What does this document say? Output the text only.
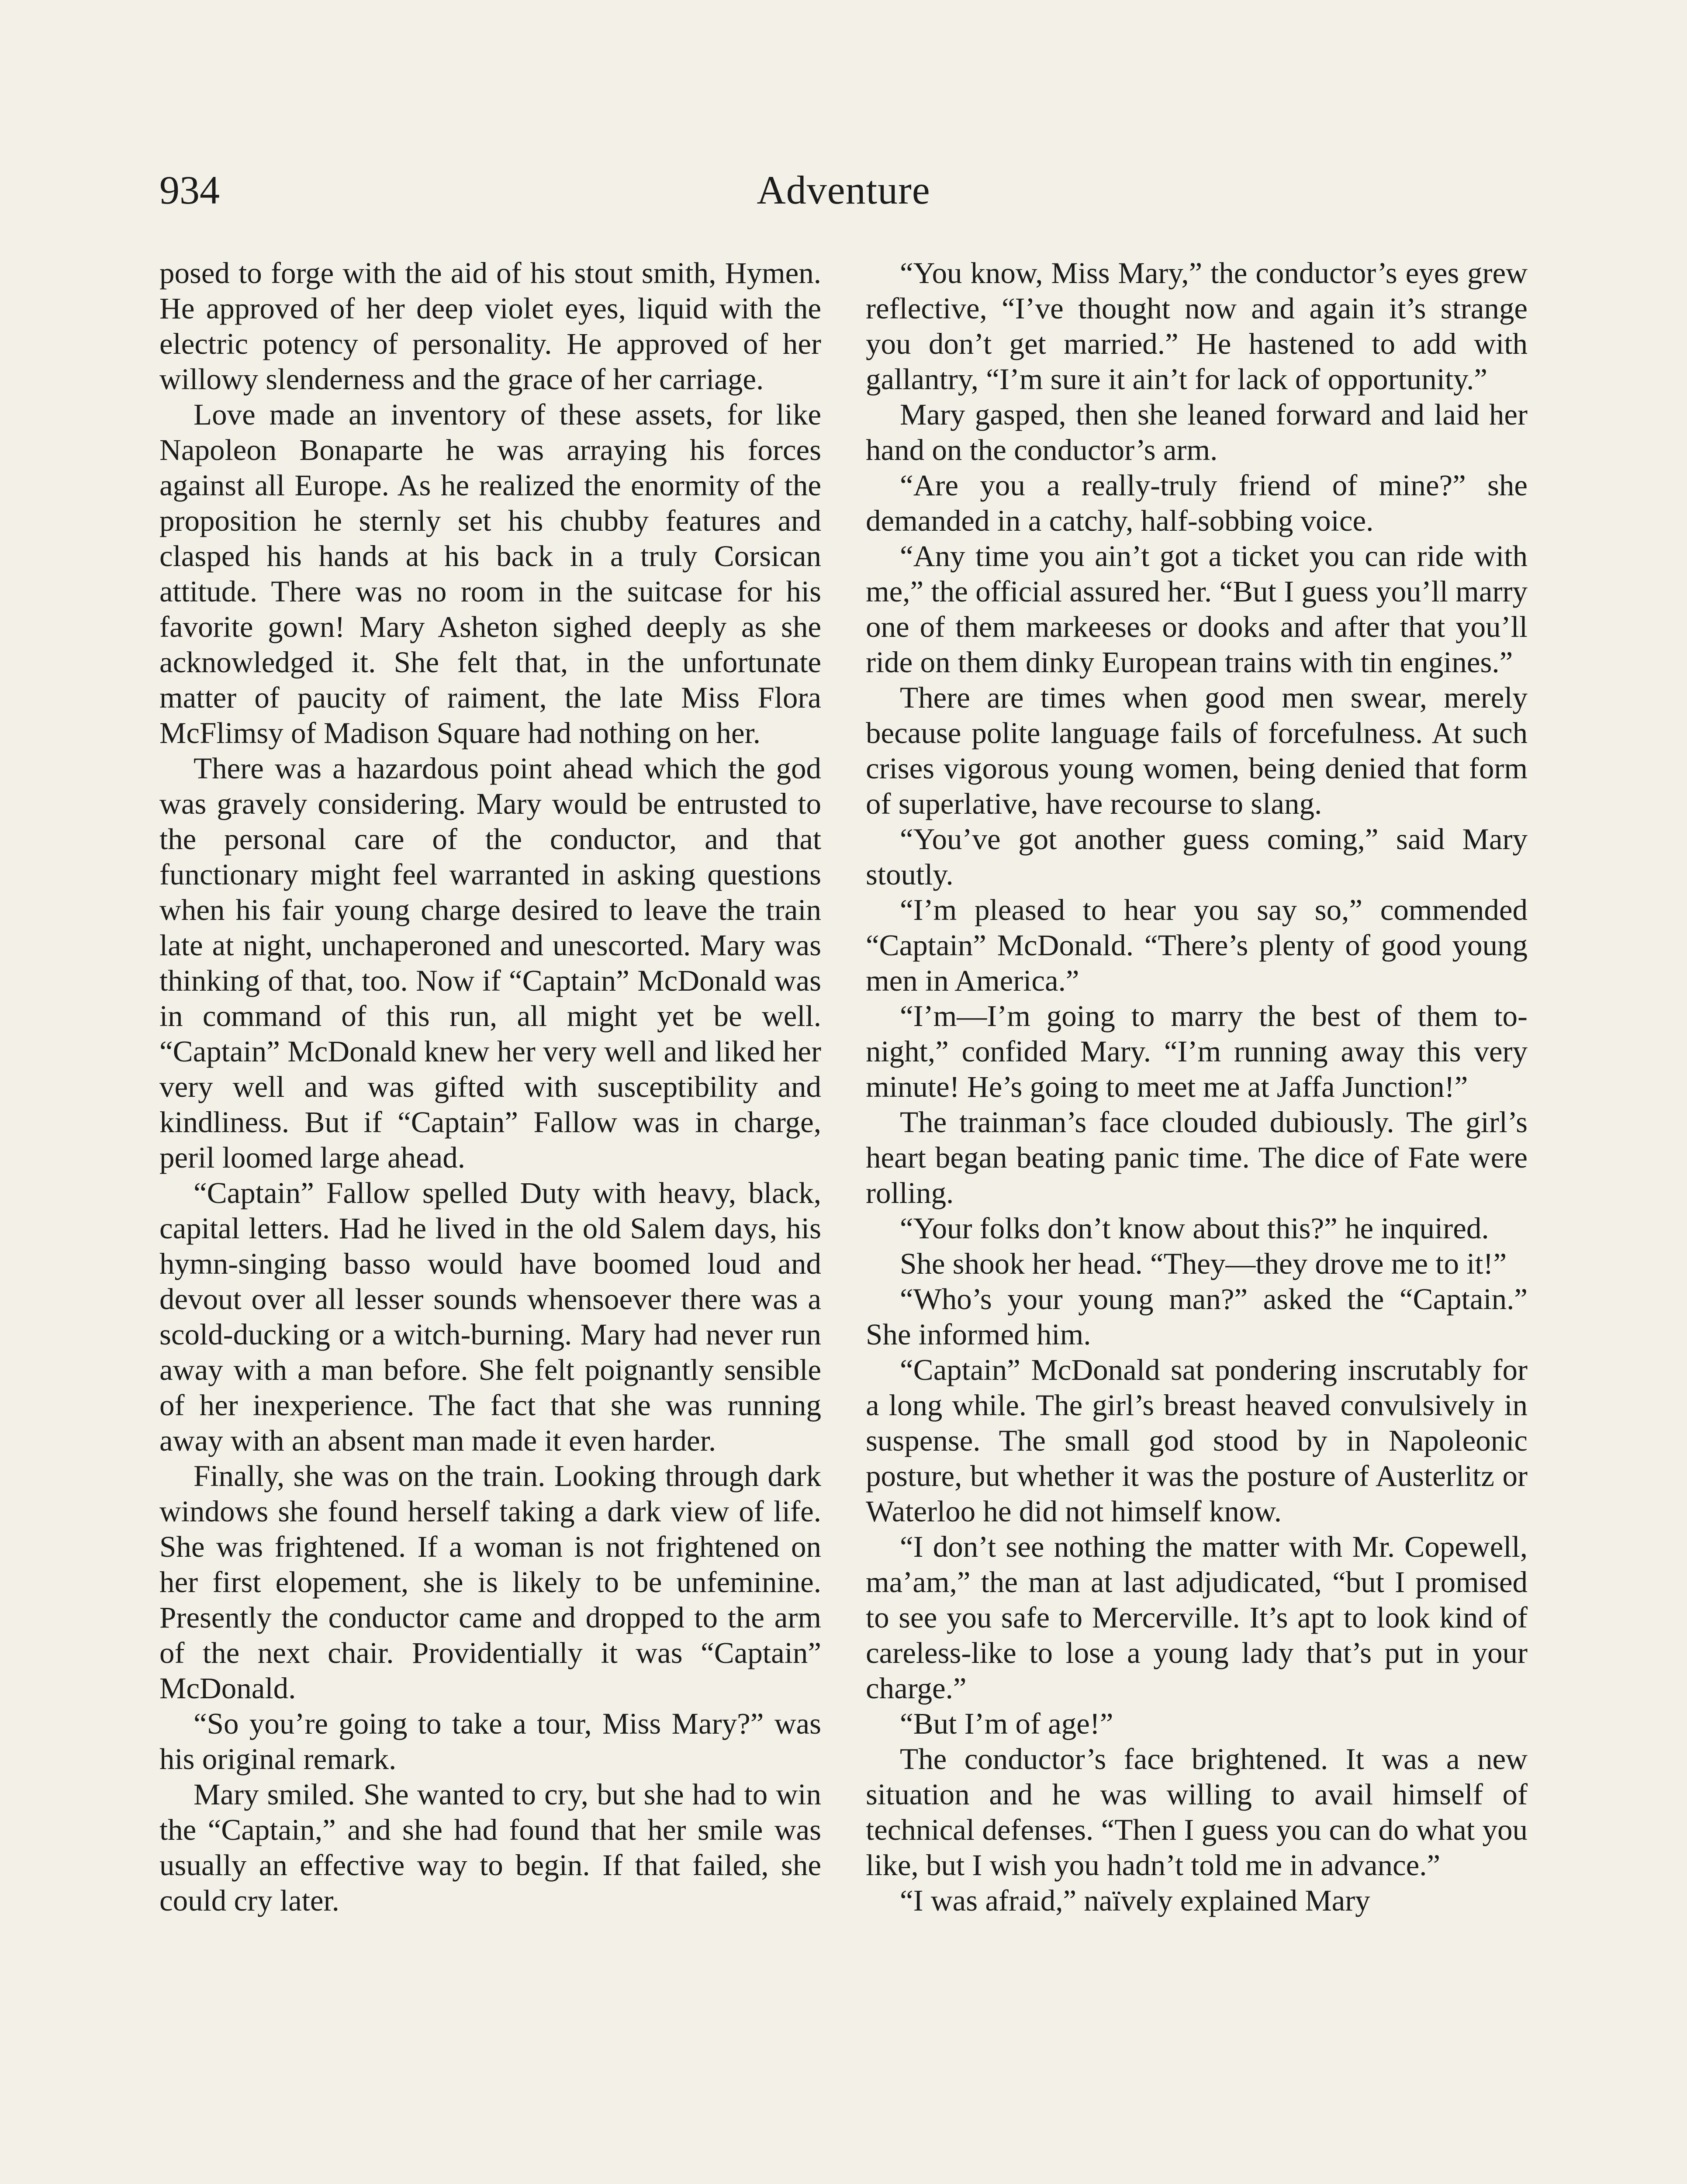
934	Adventure

posed to forge with the aid of his stout smith, Hymen. He approved of her deep violet eyes, liquid with the electric potency of personality. He approved of her willowy slenderness and the grace of her carriage.

Love made an inventory of these assets, for like Napoleon Bonaparte he was arraying his forces against all Europe. As he realized the enormity of the proposition he sternly set his chubby features and clasped his hands at his back in a truly Corsican attitude. There was no room in the suitcase for his favorite gown! Mary Asheton sighed deeply as she acknowledged it. She felt that, in the unfortunate matter of paucity of raiment, the late Miss Flora McFlimsy of Madison Square had nothing on her.

There was a hazardous point ahead which the god was gravely considering. Mary would be entrusted to the personal care of the conductor, and that functionary might feel warranted in asking questions when his fair young charge desired to leave the train late at night, unchaperoned and unescorted. Mary was thinking of that, too. Now if “Captain” McDonald was in command of this run, all might yet be well. “Captain” McDonald knew her very well and liked her very well and was gifted with susceptibility and kindliness. But if “Captain” Fallow was in charge, peril loomed large ahead.

“Captain” Fallow spelled Duty with heavy, black, capital letters. Had he lived in the old Salem days, his hymn-singing basso would have boomed loud and devout over all lesser sounds whensoever there was a scold-ducking or a witch-burning. Mary had never run away with a man before. She felt poignantly sensible of her inexperience. The fact that she was running away with an absent man made it even harder.

Finally, she was on the train. Looking through dark windows she found herself taking a dark view of life. She was frightened. If a woman is not frightened on her first elopement, she is likely to be unfeminine. Presently the conductor came and dropped to the arm of the next chair. Providentially it was “Captain” McDonald.

“So you’re going to take a tour, Miss Mary?” was his original remark.

Mary smiled. She wanted to cry, but she had to win the “Captain,” and she had found that her smile was usually an effective way to begin. If that failed, she could cry later.

“You know, Miss Mary,” the conductor’s eyes grew reflective, “I’ve thought now and again it’s strange you don’t get married.” He hastened to add with gallantry, “I’m sure it ain’t for lack of opportunity.”

Mary gasped, then she leaned forward and laid her hand on the conductor’s arm.

“Are you a really-truly friend of mine?” she demanded in a catchy, half-sobbing voice.

“Any time you ain’t got a ticket you can ride with me,” the official assured her. “But I guess you’ll marry one of them markeeses or dooks and after that you’ll ride on them dinky European trains with tin engines.”

There are times when good men swear, merely because polite language fails of forcefulness. At such crises vigorous young women, being denied that form of superlative, have recourse to slang.

“You’ve got another guess coming,” said Mary stoutly.

“I’m pleased to hear you say so,” commended “Captain” McDonald. “There’s plenty of good young men in America.”

“I’m—I’m going to marry the best of them to-night,” confided Mary. “I’m running away this very minute! He’s going to meet me at Jaffa Junction!”

The trainman’s face clouded dubiously. The girl’s heart began beating panic time. The dice of Fate were rolling.

“Your folks don’t know about this?” he inquired.

She shook her head. “They—they drove me to it!”

“Who’s your young man?” asked the “Captain.” She informed him.

“Captain” McDonald sat pondering inscrutably for a long while. The girl’s breast heaved convulsively in suspense. The small god stood by in Napoleonic posture, but whether it was the posture of Austerlitz or Waterloo he did not himself know.

“I don’t see nothing the matter with Mr. Copewell, ma’am,” the man at last adjudicated, “but I promised to see you safe to Mercerville. It’s apt to look kind of careless-like to lose a young lady that’s put in your charge.”

“But I’m of age!”

The conductor’s face brightened. It was a new situation and he was willing to avail himself of technical defenses. “Then I guess you can do what you like, but I wish you hadn’t told me in advance.”

“I was afraid,” naïvely explained Mary
